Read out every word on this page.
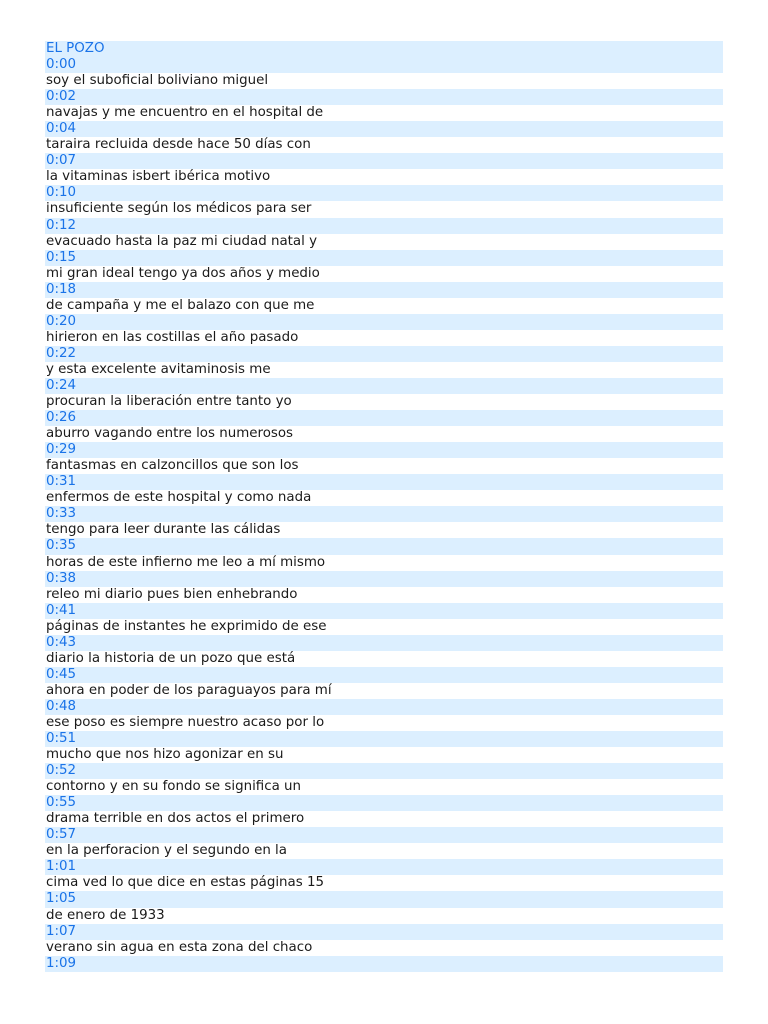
EL POZO
0:00
soy el suboficial boliviano miguel
0:02
navajas y me encuentro en el hospital de
0:04
taraira recluida desde hace 50 días con
0:07
la vitaminas isbert ibérica motivo
0:10
insuficiente según los médicos para ser
0:12
evacuado hasta la paz mi ciudad natal y
0:15
mi gran ideal tengo ya dos años y medio
0:18
de campaña y me el balazo con que me
0:20
hirieron en las costillas el año pasado
0:22
y esta excelente avitaminosis me
0:24
procuran la liberación entre tanto yo
0:26
aburro vagando entre los numerosos
0:29
fantasmas en calzoncillos que son los
0:31
enfermos de este hospital y como nada
0:33
tengo para leer durante las cálidas
0:35
horas de este infierno me leo a mí mismo
0:38
releo mi diario pues bien enhebrando
0:41
páginas de instantes he exprimido de ese
0:43
diario la historia de un pozo que está
0:45
ahora en poder de los paraguayos para mí
0:48
ese poso es siempre nuestro acaso por lo
0:51
mucho que nos hizo agonizar en su
0:52
contorno y en su fondo se significa un
0:55
drama terrible en dos actos el primero
0:57
en la perforacion y el segundo en la
1:01
cima ved lo que dice en estas páginas 15
1:05
de enero de 1933
1:07
verano sin agua en esta zona del chaco
1:09
